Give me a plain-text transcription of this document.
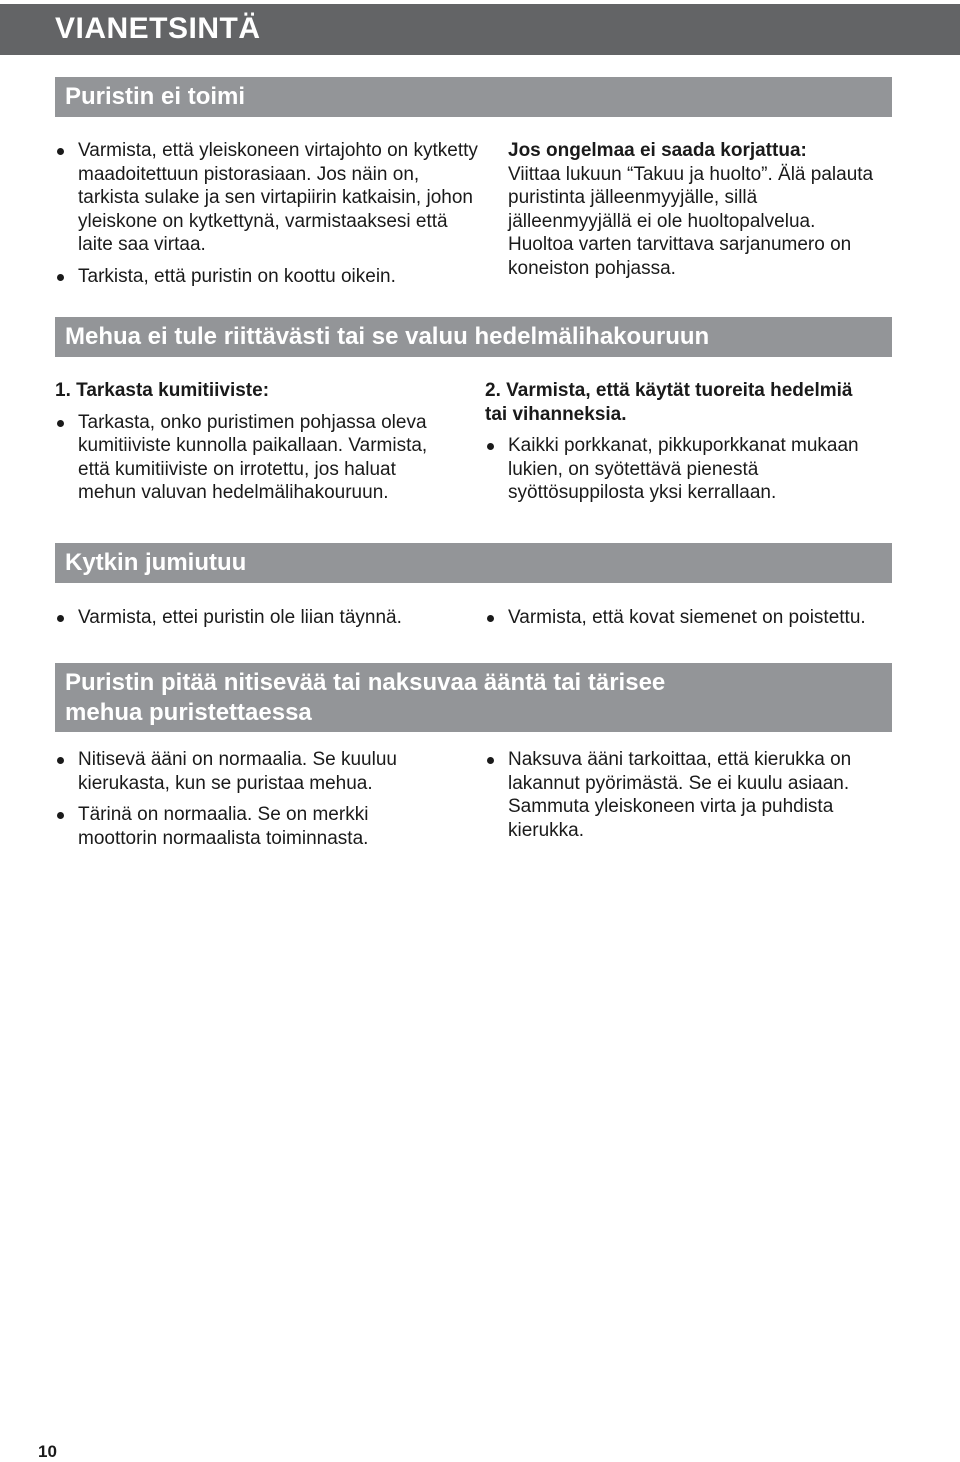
VIANETSINTÄ
Puristin ei toimi
Varmista, että yleiskoneen virtajohto on kytketty maadoitettuun pistorasiaan. Jos näin on, tarkista sulake ja sen virtapiirin katkaisin, johon yleiskone on kytkettynä, varmistaaksesi että laite saa virtaa.
Tarkista, että puristin on koottu oikein.
Jos ongelmaa ei saada korjattua:
Viittaa lukuun “Takuu ja huolto”. Älä palauta puristinta jälleenmyyjälle, sillä jälleenmyyjällä ei ole huoltopalvelua. Huoltoa varten tarvittava sarjanumero on koneiston pohjassa.
Mehua ei tule riittävästi tai se valuu hedelmälihakouruun
1. Tarkasta kumitiiviste:
Tarkasta, onko puristimen pohjassa oleva kumitiiviste kunnolla paikallaan. Varmista, että kumitiiviste on irrotettu, jos haluat mehun valuvan hedelmälihakouruun.
2. Varmista, että käytät tuoreita hedelmiä tai vihanneksia.
Kaikki porkkanat, pikkuporkkanat mukaan lukien, on syötettävä pienestä syöttösuppilosta yksi kerrallaan.
Kytkin jumiutuu
Varmista, ettei puristin ole liian täynnä.	Varmista, että kovat siemenet on poistettu.
Puristin pitää nitisevää tai naksuvaa ääntä tai tärisee
mehua puristettaessa
Nitisevä ääni on normaalia. Se kuuluu kierukasta, kun se puristaa mehua.
Tärinä on normaalia. Se on merkki moottorin normaalista toiminnasta.
Naksuva ääni tarkoittaa, että kierukka on lakannut pyörimästä. Se ei kuulu asiaan. Sammuta yleiskoneen virta ja puhdista kierukka.
10
